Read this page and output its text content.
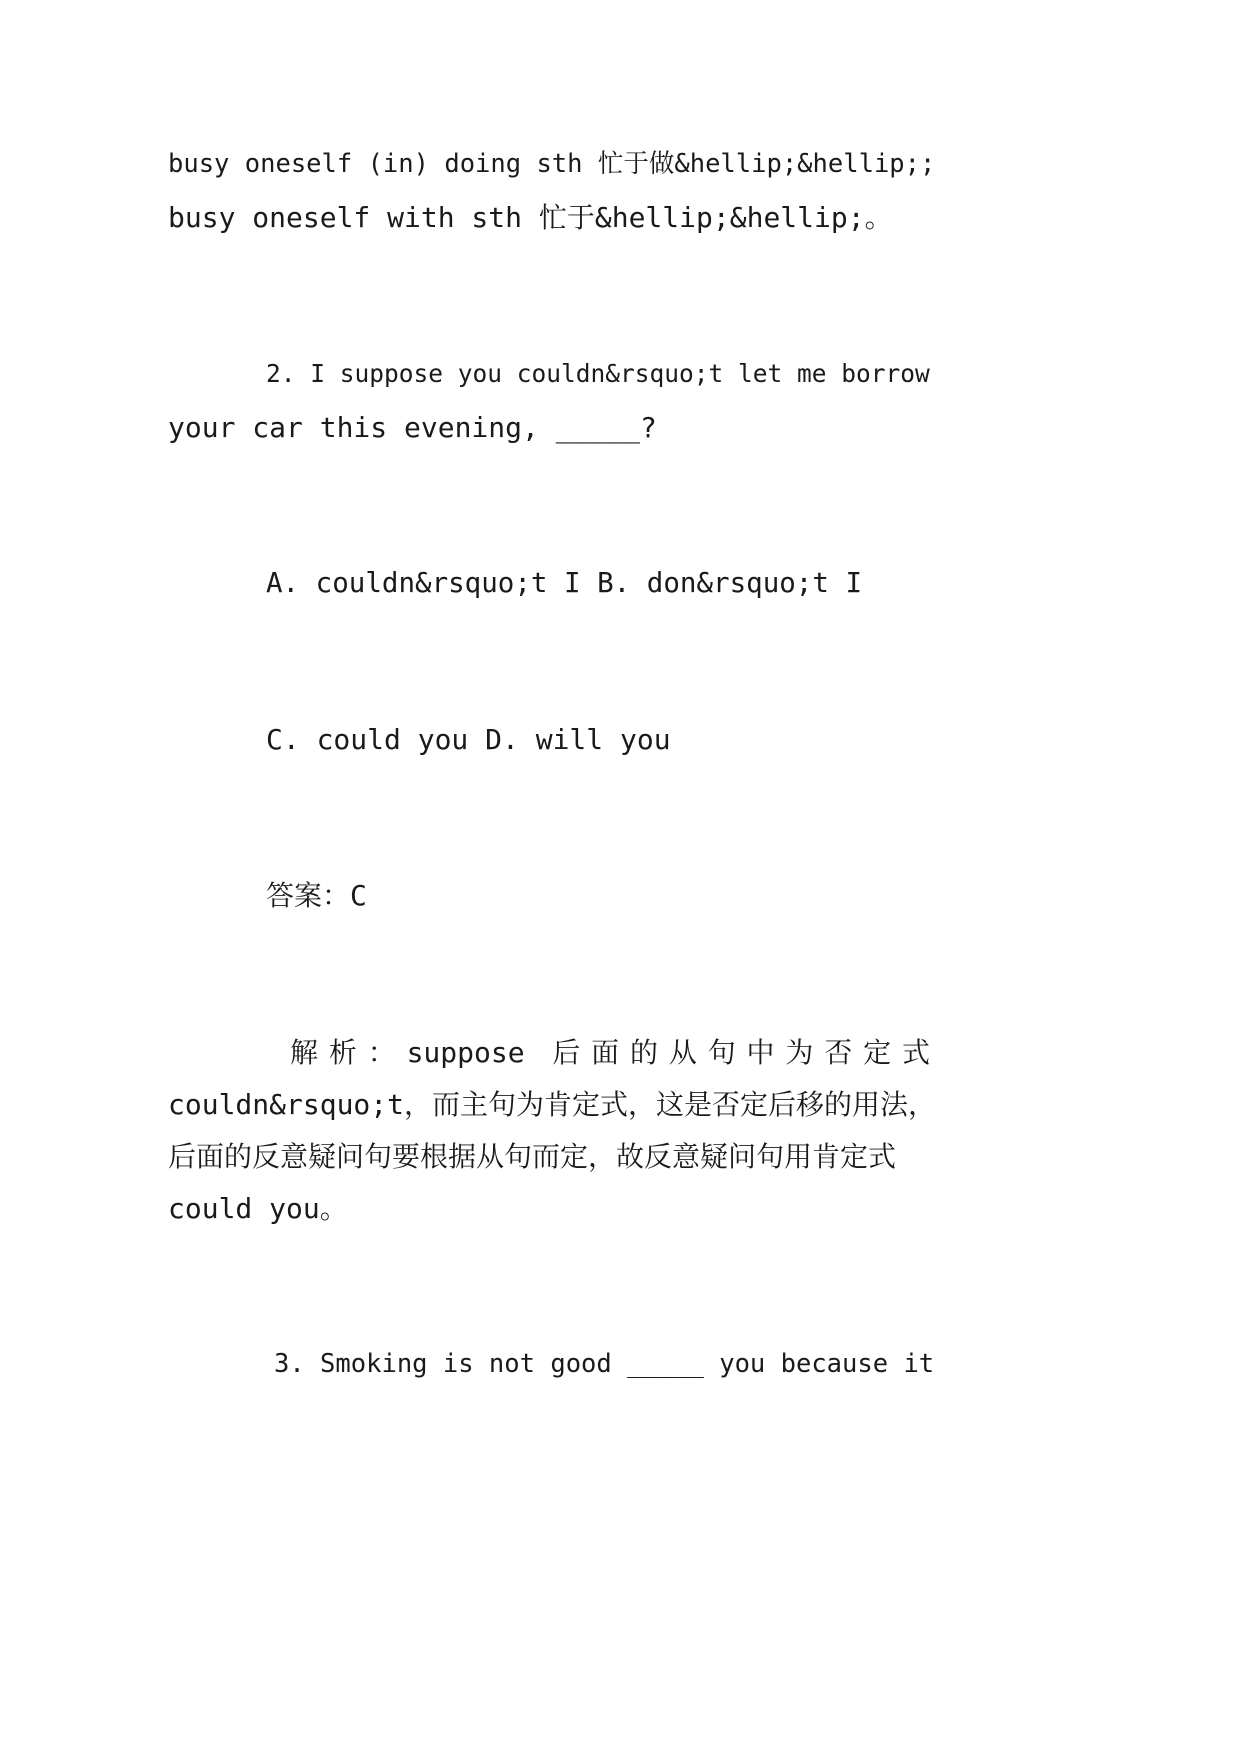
busy oneself (in) doing sth 忙于做&hellip;&hellip;;
busy oneself with sth 忙于&hellip;&hellip;。
2. I suppose you couldn&rsquo;t let me borrow
your car this evening, _____?
A. couldn&rsquo;t I B. don&rsquo;t I
C. could you D. will you
答案：C
解析：suppose 后面的从句中为否定式
couldn&rsquo;t，而主句为肯定式，这是否定后移的用法，
后面的反意疑问句要根据从句而定，故反意疑问句用肯定式
could you。
3. Smoking is not good _____ you because it
